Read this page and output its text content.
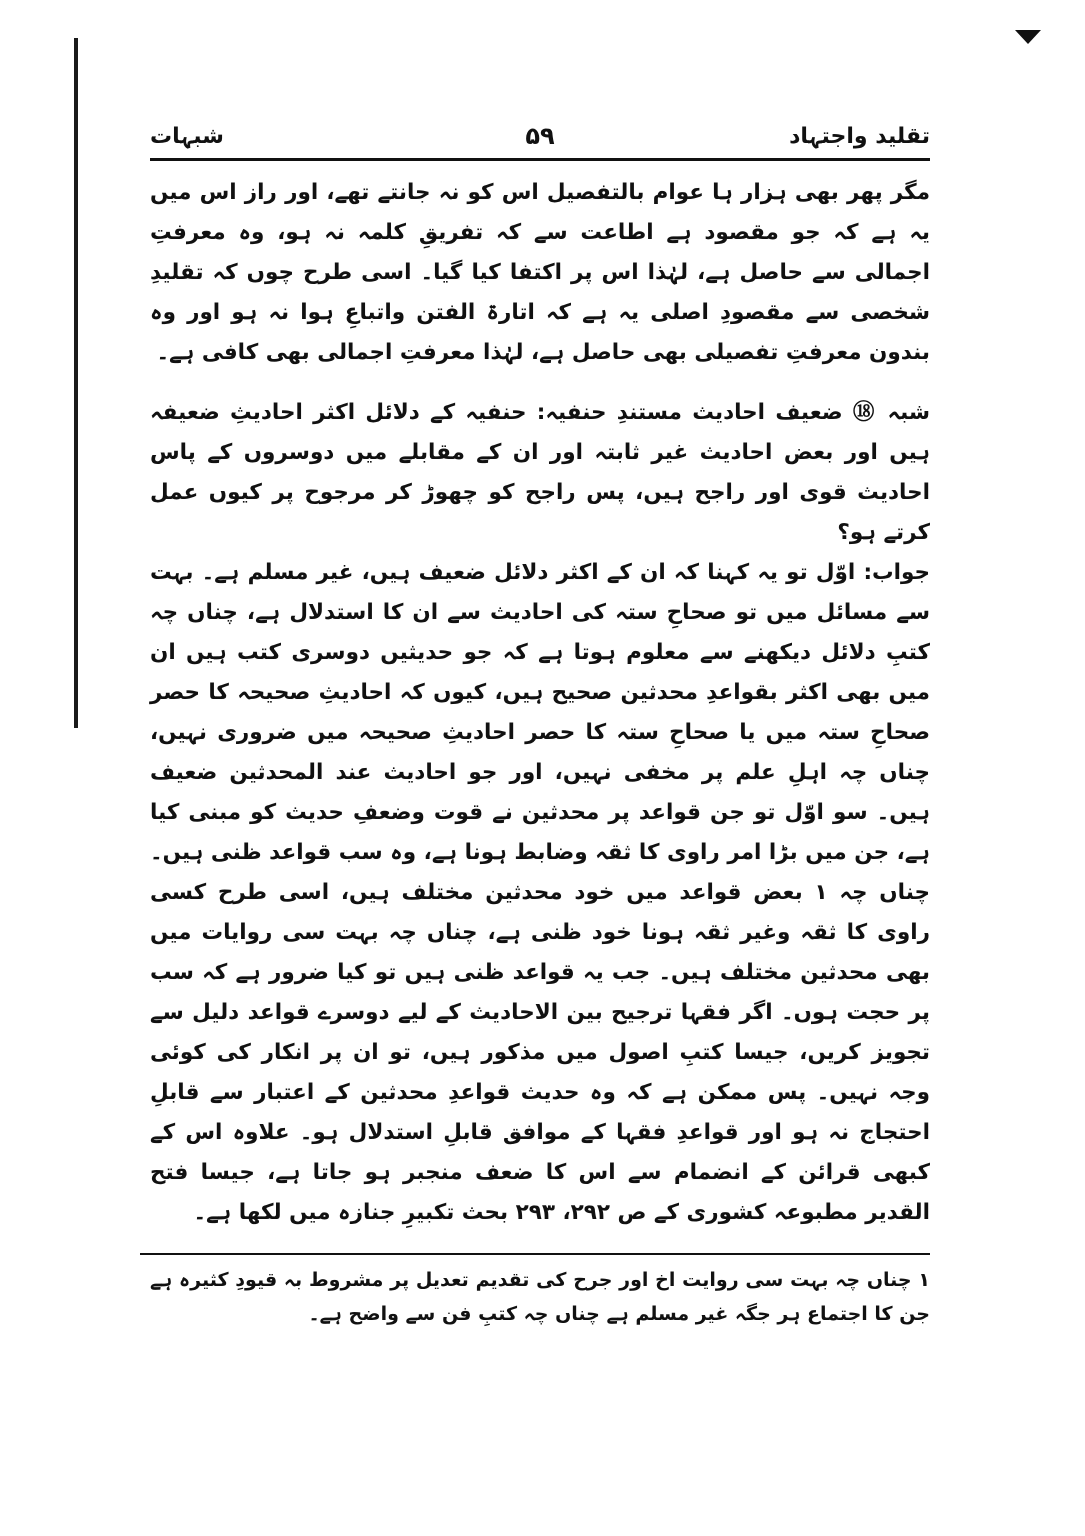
تقلید واجتہاد
۵۹
شبہات

مگر پھر بھی ہزار ہا عوام بالتفصیل اس کو نہ جانتے تھے، اور راز اس میں یہ ہے کہ جو مقصود ہے اطاعت سے کہ تفریقِ کلمہ نہ ہو، وہ معرفتِ اجمالی سے حاصل ہے، لہٰذا اس پر اکتفا کیا گیا۔ اسی طرح چوں کہ تقلیدِ شخصی سے مقصودِ اصلی یہ ہے کہ اتارۃ الفتن واتباعِ ہوا نہ ہو اور وہ بندون معرفتِ تفصیلی بھی حاصل ہے، لہٰذا معرفتِ اجمالی بھی کافی ہے۔

شبہ ⑱ ضعیف احادیث مستندِ حنفیہ: حنفیہ کے دلائل اکثر احادیثِ ضعیفہ ہیں اور بعض احادیث غیر ثابتہ اور ان کے مقابلے میں دوسروں کے پاس احادیث قوی اور راجح ہیں، پس راجح کو چھوڑ کر مرجوح پر کیوں عمل کرتے ہو؟

جواب: اوّل تو یہ کہنا کہ ان کے اکثر دلائل ضعیف ہیں، غیر مسلم ہے۔ بہت سے مسائل میں تو صحاحِ ستہ کی احادیث سے ان کا استدلال ہے، چناں چہ کتبِ دلائل دیکھنے سے معلوم ہوتا ہے کہ جو حدیثیں دوسری کتب ہیں ان میں بھی اکثر بقواعدِ محدثین صحیح ہیں، کیوں کہ احادیثِ صحیحہ کا حصر صحاحِ ستہ میں یا صحاحِ ستہ کا حصر احادیثِ صحیحہ میں ضروری نہیں، چناں چہ اہلِ علم پر مخفی نہیں، اور جو احادیث عند المحدثین ضعیف ہیں۔ سو اوّل تو جن قواعد پر محدثین نے قوت وضعفِ حدیث کو مبنی کیا ہے، جن میں بڑا امر راوی کا ثقہ وضابط ہونا ہے، وہ سب قواعد ظنی ہیں۔ چناں چہ ۱ بعض قواعد میں خود محدثین مختلف ہیں، اسی طرح کسی راوی کا ثقہ وغیر ثقہ ہونا خود ظنی ہے، چناں چہ بہت سی روایات میں بھی محدثین مختلف ہیں۔ جب یہ قواعد ظنی ہیں تو کیا ضرور ہے کہ سب پر حجت ہوں۔ اگر فقہا ترجیح بین الاحادیث کے لیے دوسرے قواعد دلیل سے تجویز کریں، جیسا کتبِ اصول میں مذکور ہیں، تو ان پر انکار کی کوئی وجہ نہیں۔ پس ممکن ہے کہ وہ حدیث قواعدِ محدثین کے اعتبار سے قابلِ احتجاج نہ ہو اور قواعدِ فقہا کے موافق قابلِ استدلال ہو۔ علاوہ اس کے کبھی قرائن کے انضمام سے اس کا ضعف منجبر ہو جاتا ہے، جیسا فتح القدیر مطبوعہ کشوری کے ص ۲۹۲، ۲۹۳ بحث تکبیرِ جنازہ میں لکھا ہے۔

۱ چناں چہ بہت سی روایت اخ اور جرح کی تقدیم تعدیل پر مشروط بہ قیودِ کثیرہ ہے جن کا اجتماع ہر جگہ غیر مسلم ہے چناں چہ کتبِ فن سے واضح ہے۔
